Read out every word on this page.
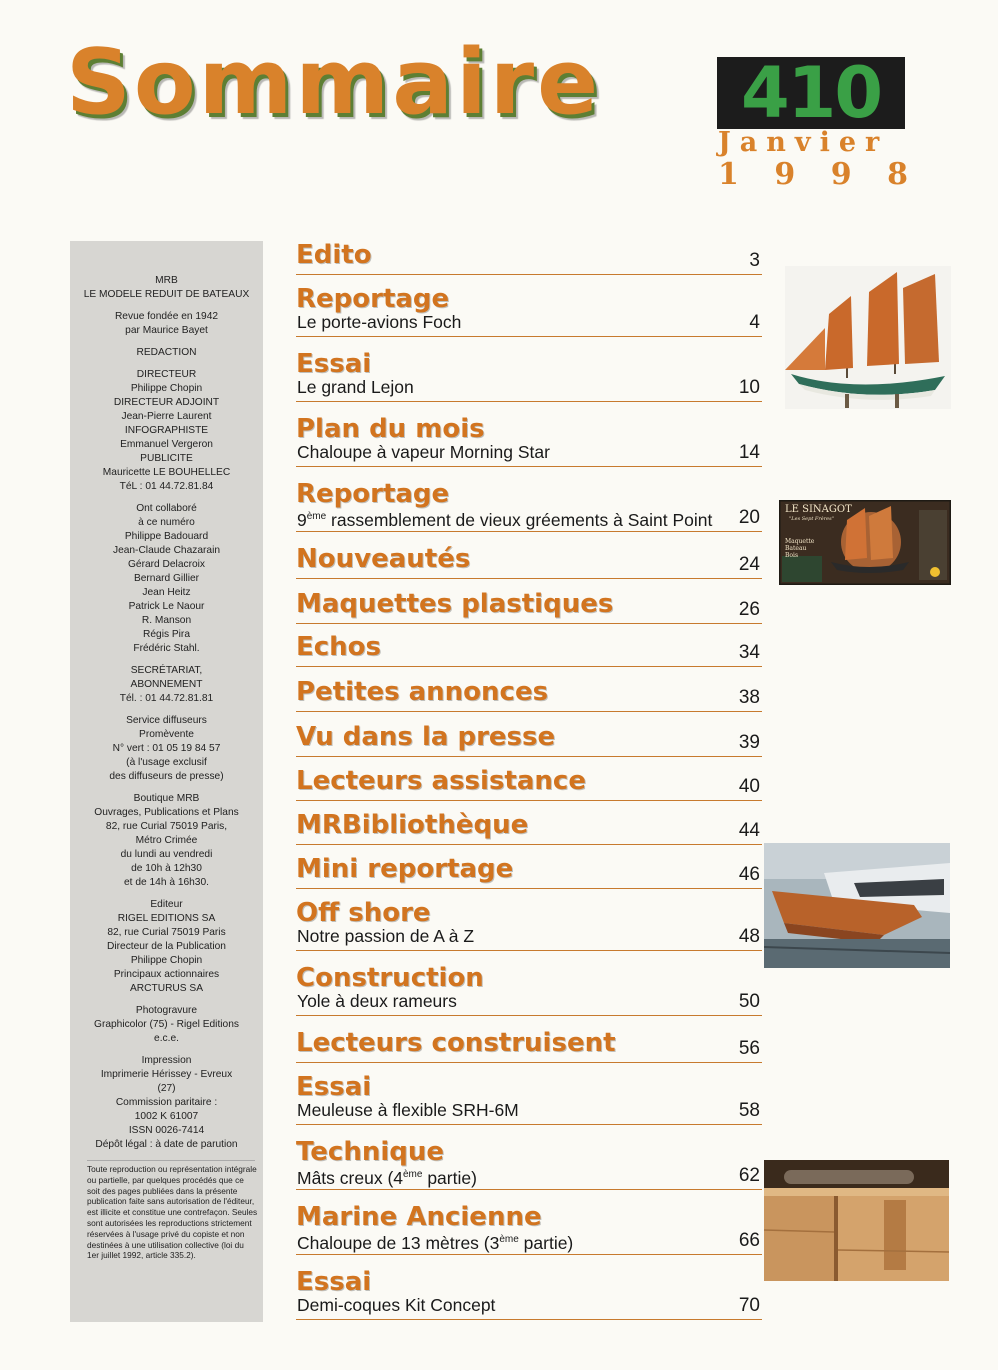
Sommaire	410
Janvier
1 9 9 8
MRB
LE MODELE REDUIT DE BATEAUX
Revue fondée en 1942
par Maurice Bayet
REDACTION
DIRECTEUR
Philippe Chopin
DIRECTEUR ADJOINT
Jean-Pierre Laurent
INFOGRAPHISTE
Emmanuel Vergeron
PUBLICITE
Mauricette LE BOUHELLEC
TéL : 01 44.72.81.84
Ont collaboré
à ce numéro
Philippe Badouard
Jean-Claude Chazarain
Gérard Delacroix
Bernard Gillier
Jean Heitz
Patrick Le Naour
R. Manson
Régis Pira
Frédéric Stahl.
SECRÉTARIAT,
ABONNEMENT
Tél. : 01 44.72.81.81
Service diffuseurs
Promèvente
N° vert : 01 05 19 84 57
(à l'usage exclusif
des diffuseurs de presse)
Boutique MRB
Ouvrages, Publications et Plans
82, rue Curial 75019 Paris,
Métro Crimée
du lundi au vendredi
de 10h à 12h30
et de 14h à 16h30.
Editeur
RIGEL EDITIONS SA
82, rue Curial 75019 Paris
Directeur de la Publication
Philippe Chopin
Principaux actionnaires
ARCTURUS SA
Photogravure
Graphicolor (75) - Rigel Editions
e.c.e.
Impression
Imprimerie Hérissey - Evreux
(27)
Commission paritaire :
1002 K 61007
ISSN 0026-7414
Dépôt légal : à date de parution
Toute reproduction ou représentation intégrale ou partielle, par quelques procédés que ce soit des pages publiées dans la présente publication faite sans autorisation de l'éditeur, est illicite et constitue une contrefaçon. Seules sont autorisées les reproductions strictement réservées à l'usage privé du copiste et non destinées à une utilisation collective (loi du 1er juillet 1992, article 335.2).
Edito	3
Reportage
Le porte-avions Foch	4
Essai
Le grand Lejon	10
Plan du mois
Chaloupe à vapeur Morning Star	14
Reportage
9ème rassemblement de vieux gréements à Saint Point 20
Nouveautés	24
Maquettes plastiques	26
Echos	34
Petites annonces	38
Vu dans la presse	39
Lecteurs assistance	40
MRBibliothèque	44
Mini reportage	46
Off shore
Notre passion de A à Z	48
Construction
Yole à deux rameurs	50
Lecteurs construisent	56
Essai
Meuleuse à flexible SRH-6M	58
Technique
Mâts creux (4ème partie)	62
Marine Ancienne
Chaloupe de 13 mètres (3ème partie)	66
Essai
Demi-coques Kit Concept	70
LE SINAGOT
"Les Sept Frères"
Maquette Bateau Bois
